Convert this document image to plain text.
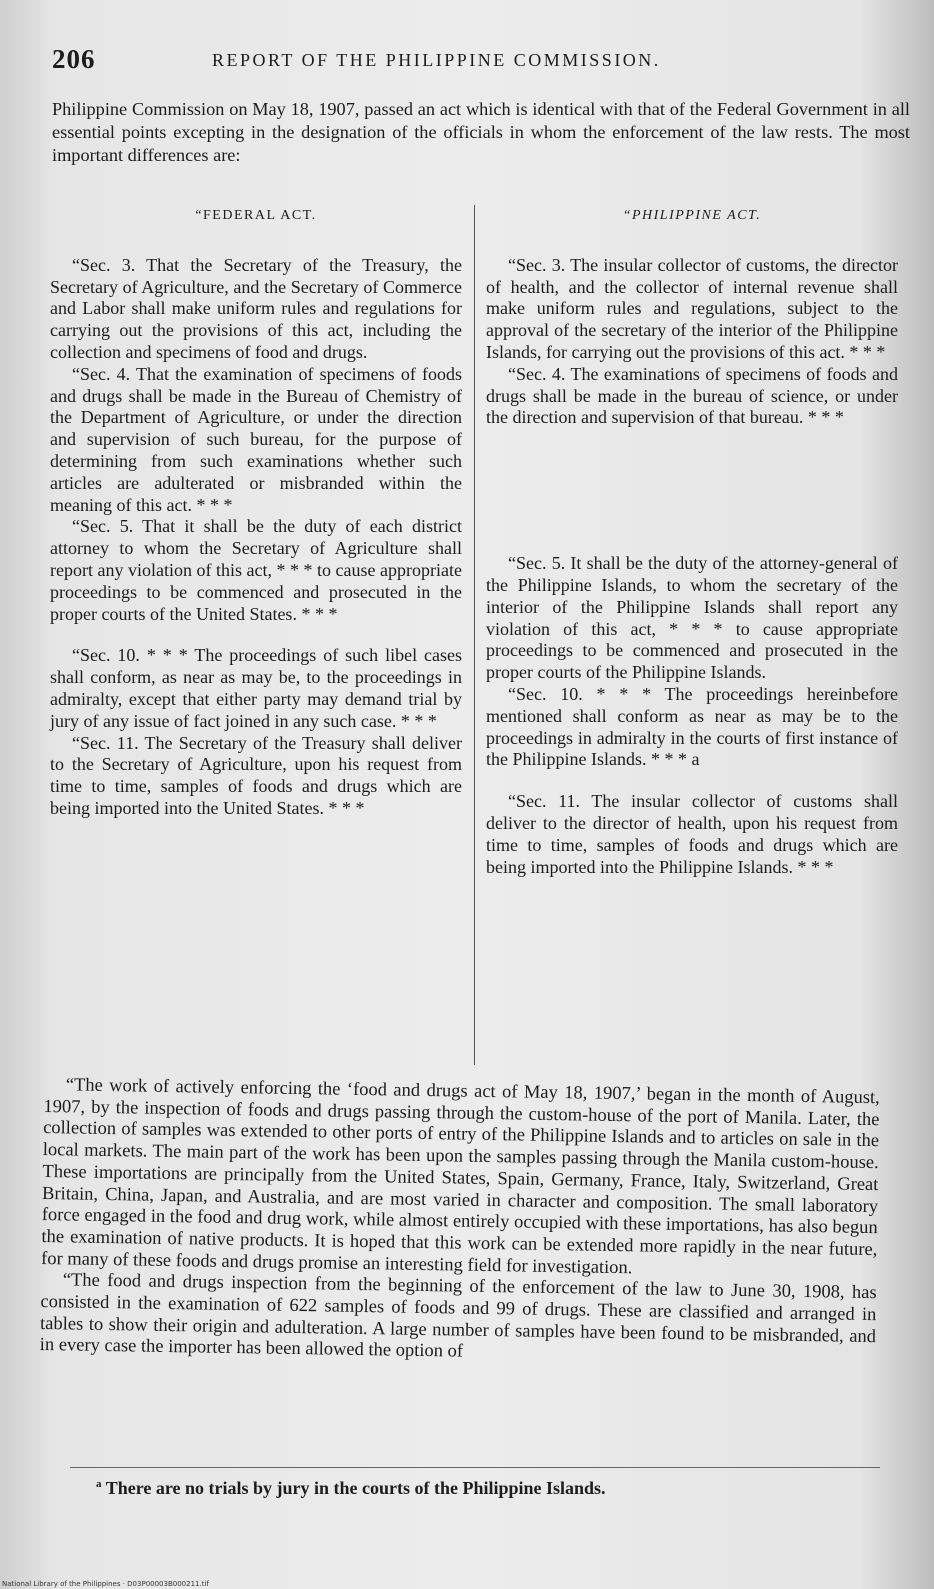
206	REPORT OF THE PHILIPPINE COMMISSION.

Philippine Commission on May 18, 1907, passed an act which is identical with that of the Federal Government in all essential points excepting in the designation of the officials in whom the enforcement of the law rests. The most important differences are:

“FEDERAL ACT.

“Sec. 3. That the Secretary of the Treasury, the Secretary of Agriculture, and the Secretary of Commerce and Labor shall make uniform rules and regulations for carrying out the provisions of this act, including the collection and specimens of food and drugs.

“Sec. 4. That the examination of specimens of foods and drugs shall be made in the Bureau of Chemistry of the Department of Agriculture, or under the direction and supervision of such bureau, for the purpose of determining from such examinations whether such articles are adulterated or misbranded within the meaning of this act. * * *

“Sec. 5. That it shall be the duty of each district attorney to whom the Secretary of Agriculture shall report any violation of this act, * * * to cause appropriate proceedings to be commenced and prosecuted in the proper courts of the United States. * * *

“Sec. 10. * * * The proceedings of such libel cases shall conform, as near as may be, to the proceedings in admiralty, except that either party may demand trial by jury of any issue of fact joined in any such case. * * *

“Sec. 11. The Secretary of the Treasury shall deliver to the Secretary of Agriculture, upon his request from time to time, samples of foods and drugs which are being imported into the United States. * * *

“PHILIPPINE ACT.

“Sec. 3. The insular collector of customs, the director of health, and the collector of internal revenue shall make uniform rules and regulations, subject to the approval of the secretary of the interior of the Philippine Islands, for carrying out the provisions of this act. * * *

“Sec. 4. The examinations of specimens of foods and drugs shall be made in the bureau of science, or under the direction and supervision of that bureau. * * *

“Sec. 5. It shall be the duty of the attorney-general of the Philippine Islands, to whom the secretary of the interior of the Philippine Islands shall report any violation of this act, * * * to cause appropriate proceedings to be commenced and prosecuted in the proper courts of the Philippine Islands.

“Sec. 10. * * * The proceedings hereinbefore mentioned shall conform as near as may be to the proceedings in admiralty in the courts of first instance of the Philippine Islands. * * * a

“Sec. 11. The insular collector of customs shall deliver to the director of health, upon his request from time to time, samples of foods and drugs which are being imported into the Philippine Islands. * * *

“The work of actively enforcing the ‘food and drugs act of May 18, 1907,’ began in the month of August, 1907, by the inspection of foods and drugs passing through the custom-house of the port of Manila. Later, the collection of samples was extended to other ports of entry of the Philippine Islands and to articles on sale in the local markets. The main part of the work has been upon the samples passing through the Manila custom-house. These importations are principally from the United States, Spain, Germany, France, Italy, Switzerland, Great Britain, China, Japan, and Australia, and are most varied in character and composition. The small laboratory force engaged in the food and drug work, while almost entirely occupied with these importations, has also begun the examination of native products. It is hoped that this work can be extended more rapidly in the near future, for many of these foods and drugs promise an interesting field for investigation.

“The food and drugs inspection from the beginning of the enforcement of the law to June 30, 1908, has consisted in the examination of 622 samples of foods and 99 of drugs. These are classified and arranged in tables to show their origin and adulteration. A large number of samples have been found to be misbranded, and in every case the importer has been allowed the option of

$^a$ There are no trials by jury in the courts of the Philippine Islands.
National Library of the Philippines · D03P00003B000211.tif
